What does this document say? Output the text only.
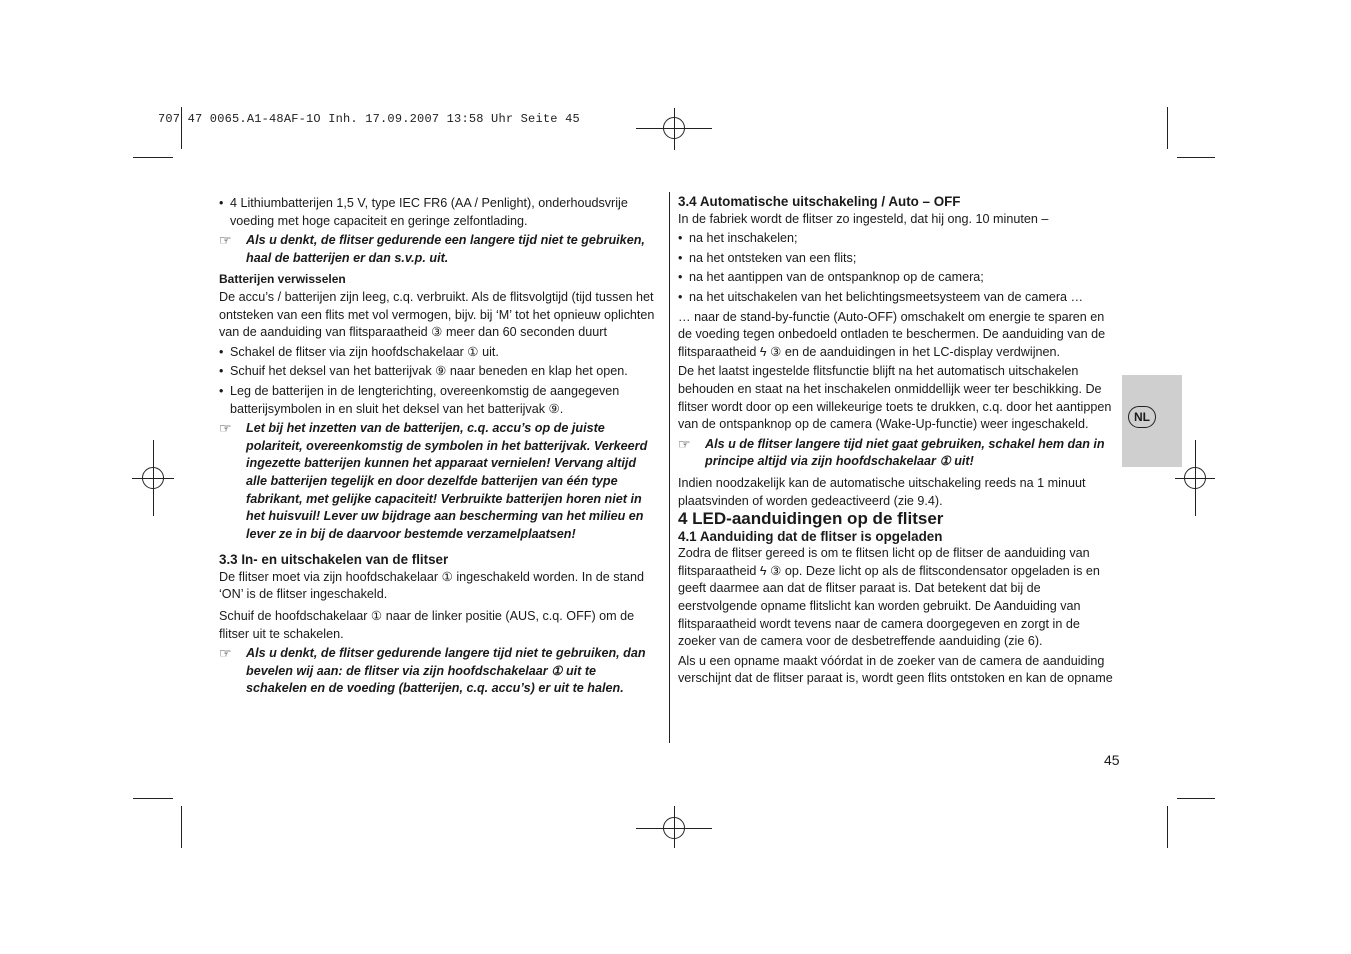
707 47 0065.A1-48AF-1O Inh. 17.09.2007 13:58 Uhr Seite 45
NL
• 4 Lithiumbatterijen 1,5 V, type IEC FR6 (AA / Penlight), onderhoudsvrije voeding met hoge capaciteit en geringe zelfontlading.
☞	Als u denkt, de flitser gedurende een langere tijd niet te gebruiken, haal de batterijen er dan s.v.p. uit.

Batterijen verwisselen

De accu’s / batterijen zijn leeg, c.q. verbruikt. Als de flitsvolgtijd (tijd tussen het ontsteken van een flits met vol vermogen, bijv. bij ‘M’ tot het opnieuw oplichten van de aanduiding van flitsparaatheid ③ meer dan 60 seconden duurt

• Schakel de flitser via zijn hoofdschakelaar ① uit.
• Schuif het deksel van het batterijvak ⑨ naar beneden en klap het open.
• Leg de batterijen in de lengterichting, overeenkomstig de aangegeven batterijsymbolen in en sluit het deksel van het batterijvak ⑨.
☞	Let bij het inzetten van de batterijen, c.q. accu’s op de juiste polariteit, overeenkomstig de symbolen in het batterijvak. Verkeerd ingezette batterijen kunnen het apparaat vernielen! Vervang altijd alle batterijen tegelijk en door dezelfde batterijen van één type fabrikant, met gelijke capaciteit! Verbruikte batterijen horen niet in het huisvuil! Lever uw bijdrage aan bescherming van het milieu en lever ze in bij de daarvoor bestemde verzamelplaatsen!

3.3 In- en uitschakelen van de flitser

De flitser moet via zijn hoofdschakelaar ① ingeschakeld worden. In de stand ‘ON’ is de flitser ingeschakeld.

Schuif de hoofdschakelaar ① naar de linker positie (AUS, c.q. OFF) om de flitser uit te schakelen.

☞	Als u denkt, de flitser gedurende langere tijd niet te gebruiken, dan bevelen wij aan: de flitser via zijn hoofdschakelaar ① uit te schakelen en de voeding (batterijen, c.q. accu’s) er uit te halen.

3.4 Automatische uitschakeling / Auto – OFF

In de fabriek wordt de flitser zo ingesteld, dat hij ong. 10 minuten –

• na het inschakelen;
• na het ontsteken van een flits;
• na het aantippen van de ontspanknop op de camera;
• na het uitschakelen van het belichtingsmeetsysteem van de camera …

… naar de stand-by-functie (Auto-OFF) omschakelt om energie te sparen en de voeding tegen onbedoeld ontladen te beschermen. De aanduiding van de flitsparaatheid ϟ ③ en de aanduidingen in het LC-display verdwijnen.

De het laatst ingestelde flitsfunctie blijft na het automatisch uitschakelen behouden en staat na het inschakelen onmiddellijk weer ter beschikking. De flitser wordt door op een willekeurige toets te drukken, c.q. door het aantippen van de ontspanknop op de camera (Wake-Up-functie) weer ingeschakeld.

☞	Als u de flitser langere tijd niet gaat gebruiken, schakel hem dan in principe altijd via zijn hoofdschakelaar ① uit!

Indien noodzakelijk kan de automatische uitschakeling reeds na 1 minuut plaatsvinden of worden gedeactiveerd (zie 9.4).

4 LED-aanduidingen op de flitser

4.1 Aanduiding dat de flitser is opgeladen

Zodra de flitser gereed is om te flitsen licht op de flitser de aanduiding van flitsparaatheid ϟ ③ op. Deze licht op als de flitscondensator opgeladen is en geeft daarmee aan dat de flitser paraat is. Dat betekent dat bij de eerstvolgende opname flitslicht kan worden gebruikt. De Aanduiding van flitsparaatheid wordt tevens naar de camera doorgegeven en zorgt in de zoeker van de camera voor de desbetreffende aanduiding (zie 6).

Als u een opname maakt vóórdat in de zoeker van de camera de aanduiding verschijnt dat de flitser paraat is, wordt geen flits ontstoken en kan de opname

45
